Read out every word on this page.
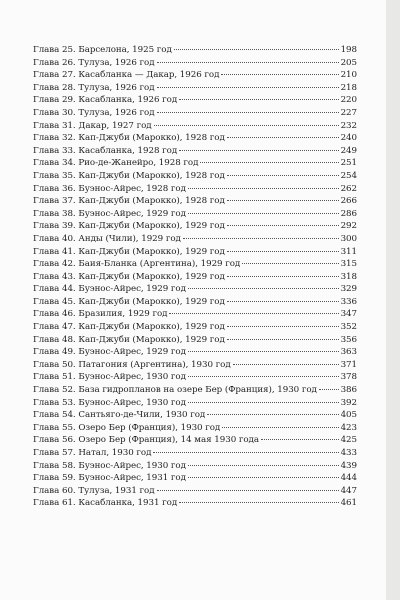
Глава 25. Барселона, 1925 год	198
Глава 26. Тулуза, 1926 год	205
Глава 27. Касабланка — Дакар, 1926 год	210
Глава 28. Тулуза, 1926 год	218
Глава 29. Касабланка, 1926 год	220
Глава 30. Тулуза, 1926 год	227
Глава 31. Дакар, 1927 год	232
Глава 32. Кап-Джуби (Марокко), 1928 год	240
Глава 33. Касабланка, 1928 год	249
Глава 34. Рио-де-Жанейро, 1928 год	251
Глава 35. Кап-Джуби (Марокко), 1928 год	254
Глава 36. Буэнос-Айрес, 1928 год	262
Глава 37. Кап-Джуби (Марокко), 1928 год	266
Глава 38. Буэнос-Айрес, 1929 год	286
Глава 39. Кап-Джуби (Марокко), 1929 год	292
Глава 40. Анды (Чили), 1929 год	300
Глава 41. Кап-Джуби (Марокко), 1929 год	311
Глава 42. Баия-Бланка (Аргентина), 1929 год	315
Глава 43. Кап-Джуби (Марокко), 1929 год	318
Глава 44. Буэнос-Айрес, 1929 год	329
Глава 45. Кап-Джуби (Марокко), 1929 год	336
Глава 46. Бразилия, 1929 год	347
Глава 47. Кап-Джуби (Марокко), 1929 год	352
Глава 48. Кап-Джуби (Марокко), 1929 год	356
Глава 49. Буэнос-Айрес, 1929 год	363
Глава 50. Патагония (Аргентина), 1930 год	371
Глава 51. Буэнос-Айрес, 1930 год	378
Глава 52. База гидропланов на озере Бер (Франция), 1930 год	386
Глава 53. Буэнос-Айрес, 1930 год	392
Глава 54. Сантьяго-де-Чили, 1930 год	405
Глава 55. Озеро Бер (Франция), 1930 год	423
Глава 56. Озеро Бер (Франция), 14 мая 1930 года	425
Глава 57. Натал, 1930 год	433
Глава 58. Буэнос-Айрес, 1930 год	439
Глава 59. Буэнос-Айрес, 1931 год	444
Глава 60. Тулуза, 1931 год	447
Глава 61. Касабланка, 1931 год	461
